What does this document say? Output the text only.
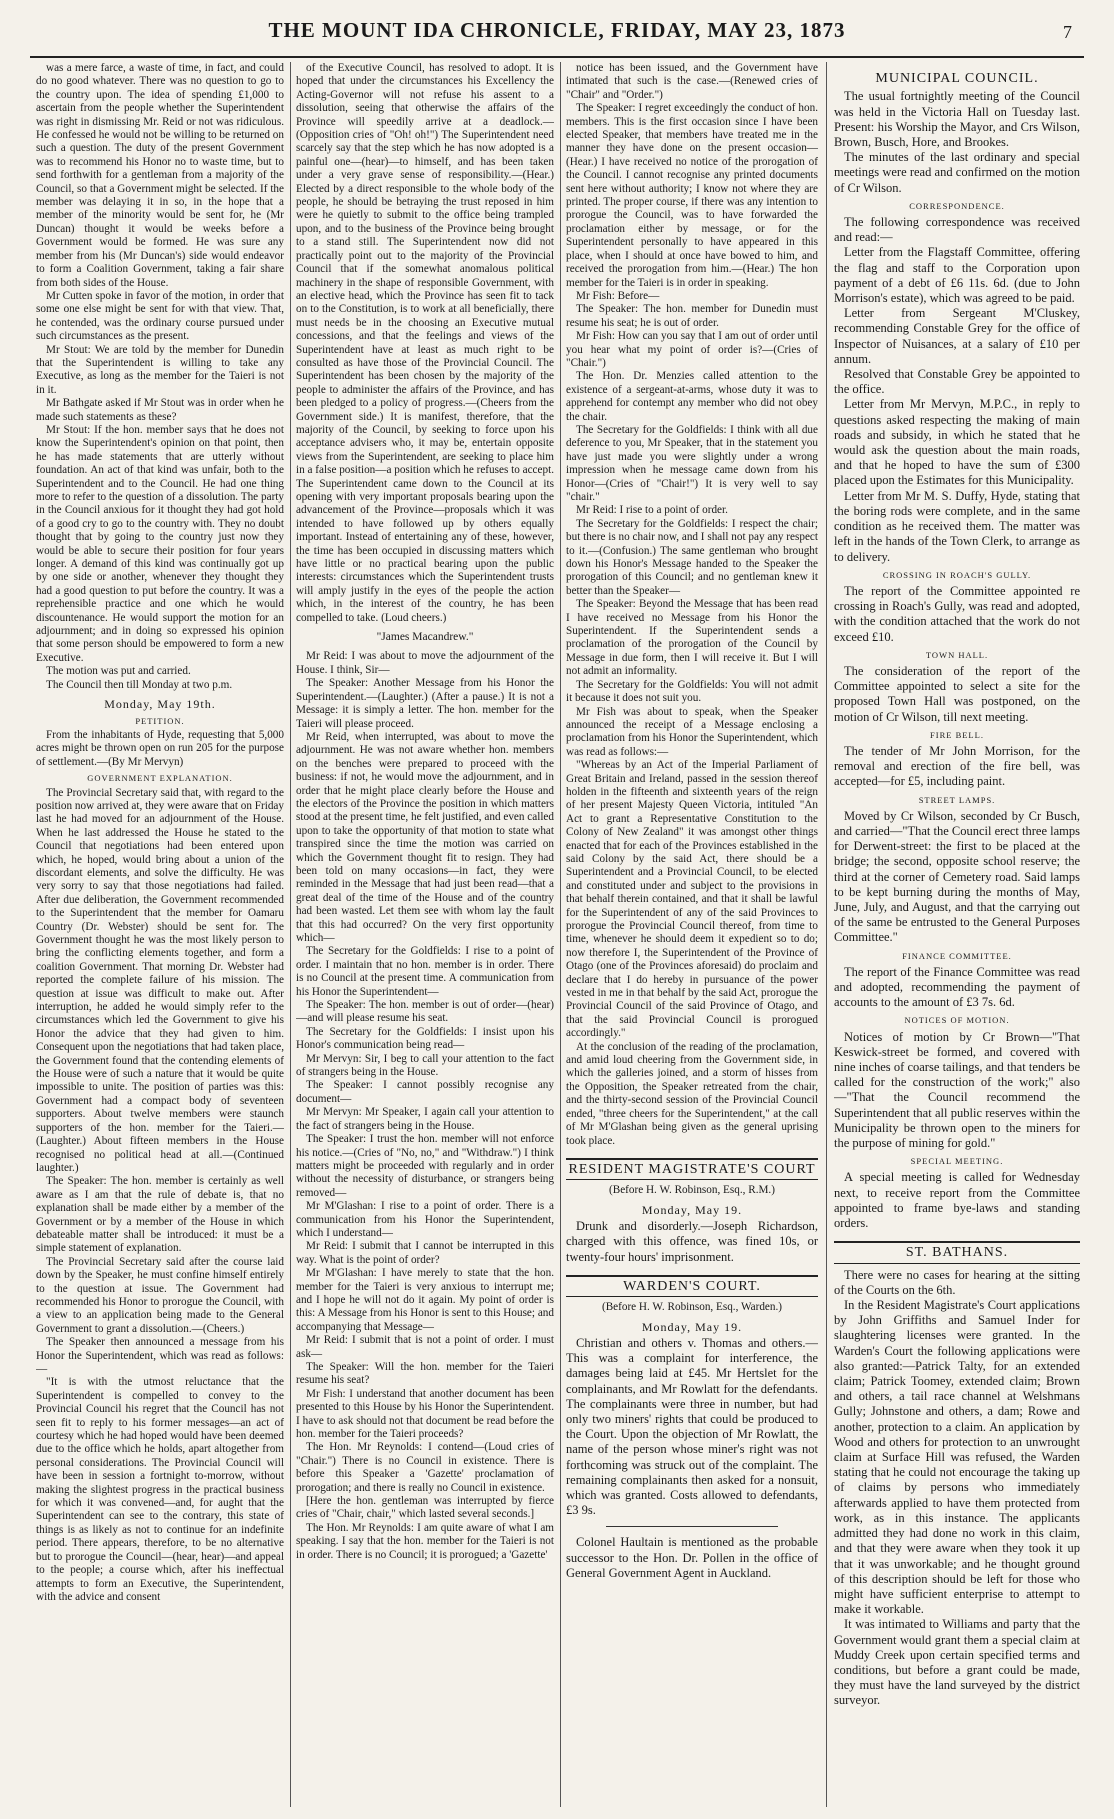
THE MOUNT IDA CHRONICLE, FRIDAY, MAY 23, 1873	7

was a mere farce, a waste of time, in fact, and could do no good whatever. There was no question to go to the country upon. The idea of spending £1,000 to ascertain from the people whether the Superintendent was right in dismissing Mr. Reid or not was ridiculous. He confessed he would not be willing to be returned on such a question. The duty of the present Government was to recommend his Honor no to waste time, but to send forthwith for a gentleman from a majority of the Council, so that a Government might be selected. If the member was delaying it in so, in the hope that a member of the minority would be sent for, he (Mr Duncan) thought it would be weeks before a Government would be formed. He was sure any member from his (Mr Duncan's) side would endeavor to form a Coalition Government, taking a fair share from both sides of the House.

Mr Cutten spoke in favor of the motion, in order that some one else might be sent for with that view. That, he contended, was the ordinary course pursued under such circumstances as the present.

Mr Stout: We are told by the member for Dunedin that the Superintendent is willing to take any Executive, as long as the member for the Taieri is not in it.

Mr Bathgate asked if Mr Stout was in order when he made such statements as these?

Mr Stout: If the hon. member says that he does not know the Superintendent's opinion on that point, then he has made statements that are utterly without foundation. An act of that kind was unfair, both to the Superintendent and to the Council. He had one thing more to refer to the question of a dissolution. The party in the Council anxious for it thought they had got hold of a good cry to go to the country with. They no doubt thought that by going to the country just now they would be able to secure their position for four years longer. A demand of this kind was continually got up by one side or another, whenever they thought they had a good question to put before the country. It was a reprehensible practice and one which he would discountenance. He would support the motion for an adjournment; and in doing so expressed his opinion that some person should be empowered to form a new Executive.

The motion was put and carried.

The Council then till Monday at two p.m.

Monday, May 19th.
PETITION.

From the inhabitants of Hyde, requesting that 5,000 acres might be thrown open on run 205 for the purpose of settlement.—(By Mr Mervyn)

GOVERNMENT EXPLANATION.

The Provincial Secretary said that, with regard to the position now arrived at, they were aware that on Friday last he had moved for an adjournment of the House. When he last addressed the House he stated to the Council that negotiations had been entered upon which, he hoped, would bring about a union of the discordant elements, and solve the difficulty. He was very sorry to say that those negotiations had failed. After due deliberation, the Government recommended to the Superintendent that the member for Oamaru Country (Dr. Webster) should be sent for. The Government thought he was the most likely person to bring the conflicting elements together, and form a coalition Government. That morning Dr. Webster had reported the complete failure of his mission. The question at issue was difficult to make out. After interruption, he added he would simply refer to the circumstances which led the Government to give his Honor the advice that they had given to him. Consequent upon the negotiations that had taken place, the Government found that the contending elements of the House were of such a nature that it would be quite impossible to unite. The position of parties was this: Government had a compact body of seventeen supporters. About twelve members were staunch supporters of the hon. member for the Taieri.—(Laughter.) About fifteen members in the House recognised no political head at all.—(Continued laughter.)

The Speaker: The hon. member is certainly as well aware as I am that the rule of debate is, that no explanation shall be made either by a member of the Government or by a member of the House in which debateable matter shall be introduced: it must be a simple statement of explanation.

The Provincial Secretary said after the course laid down by the Speaker, he must confine himself entirely to the question at issue. The Government had recommended his Honor to prorogue the Council, with a view to an application being made to the General Government to grant a dissolution.—(Cheers.)

The Speaker then announced a message from his Honor the Superintendent, which was read as follows:—

"It is with the utmost reluctance that the Superintendent is compelled to convey to the Provincial Council his regret that the Council has not seen fit to reply to his former messages—an act of courtesy which he had hoped would have been deemed due to the office which he holds, apart altogether from personal considerations. The Provincial Council will have been in session a fortnight to-morrow, without making the slightest progress in the practical business for which it was convened—and, for aught that the Superintendent can see to the contrary, this state of things is as likely as not to continue for an indefinite period. There appears, therefore, to be no alternative but to prorogue the Council—(hear, hear)—and appeal to the people; a course which, after his ineffectual attempts to form an Executive, the Superintendent, with the advice and consent

of the Executive Council, has resolved to adopt. It is hoped that under the circumstances his Excellency the Acting-Governor will not refuse his assent to a dissolution, seeing that otherwise the affairs of the Province will speedily arrive at a deadlock.—(Opposition cries of "Oh! oh!") The Superintendent need scarcely say that the step which he has now adopted is a painful one—(hear)—to himself, and has been taken under a very grave sense of responsibility.—(Hear.) Elected by a direct responsible to the whole body of the people, he should be betraying the trust reposed in him were he quietly to submit to the office being trampled upon, and to the business of the Province being brought to a stand still. The Superintendent now did not practically point out to the majority of the Provincial Council that if the somewhat anomalous political machinery in the shape of responsible Government, with an elective head, which the Province has seen fit to tack on to the Constitution, is to work at all beneficially, there must needs be in the choosing an Executive mutual concessions, and that the feelings and views of the Superintendent have at least as much right to be consulted as have those of the Provincial Council. The Superintendent has been chosen by the majority of the people to administer the affairs of the Province, and has been pledged to a policy of progress.—(Cheers from the Government side.) It is manifest, therefore, that the majority of the Council, by seeking to force upon his acceptance advisers who, it may be, entertain opposite views from the Superintendent, are seeking to place him in a false position—a position which he refuses to accept. The Superintendent came down to the Council at its opening with very important proposals bearing upon the advancement of the Province—proposals which it was intended to have followed up by others equally important. Instead of entertaining any of these, however, the time has been occupied in discussing matters which have little or no practical bearing upon the public interests: circumstances which the Superintendent trusts will amply justify in the eyes of the people the action which, in the interest of the country, he has been compelled to take. (Loud cheers.)

"James Macandrew."

Mr Reid: I was about to move the adjournment of the House. I think, Sir—

The Speaker: Another Message from his Honor the Superintendent.—(Laughter.) (After a pause.) It is not a Message: it is simply a letter. The hon. member for the Taieri will please proceed.

Mr Reid, when interrupted, was about to move the adjournment. He was not aware whether hon. members on the benches were prepared to proceed with the business: if not, he would move the adjournment, and in order that he might place clearly before the House and the electors of the Province the position in which matters stood at the present time, he felt justified, and even called upon to take the opportunity of that motion to state what transpired since the time the motion was carried on which the Government thought fit to resign. They had been told on many occasions—in fact, they were reminded in the Message that had just been read—that a great deal of the time of the House and of the country had been wasted. Let them see with whom lay the fault that this had occurred? On the very first opportunity which—

The Secretary for the Goldfields: I rise to a point of order. I maintain that no hon. member is in order. There is no Council at the present time. A communication from his Honor the Superintendent—

The Speaker: The hon. member is out of order—(hear)—and will please resume his seat.

The Secretary for the Goldfields: I insist upon his Honor's communication being read—

Mr Mervyn: Sir, I beg to call your attention to the fact of strangers being in the House.

The Speaker: I cannot possibly recognise any document—

Mr Mervyn: Mr Speaker, I again call your attention to the fact of strangers being in the House.

The Speaker: I trust the hon. member will not enforce his notice.—(Cries of "No, no," and "Withdraw.") I think matters might be proceeded with regularly and in order without the necessity of disturbance, or strangers being removed—

Mr M'Glashan: I rise to a point of order. There is a communication from his Honor the Superintendent, which I understand—

Mr Reid: I submit that I cannot be interrupted in this way. What is the point of order?

Mr M'Glashan: I have merely to state that the hon. member for the Taieri is very anxious to interrupt me; and I hope he will not do it again. My point of order is this: A Message from his Honor is sent to this House; and accompanying that Message—

Mr Reid: I submit that is not a point of order. I must ask—

The Speaker: Will the hon. member for the Taieri resume his seat?

Mr Fish: I understand that another document has been presented to this House by his Honor the Superintendent. I have to ask should not that document be read before the hon. member for the Taieri proceeds?

The Hon. Mr Reynolds: I contend—(Loud cries of "Chair.") There is no Council in existence. There is before this Speaker a 'Gazette' proclamation of prorogation; and there is really no Council in existence.

[Here the hon. gentleman was interrupted by fierce cries of "Chair, chair," which lasted several seconds.]

The Hon. Mr Reynolds: I am quite aware of what I am speaking. I say that the hon. member for the Taieri is not in order. There is no Council; it is prorogued; a 'Gazette'

notice has been issued, and the Government have intimated that such is the case.—(Renewed cries of "Chair" and "Order.")

The Speaker: I regret exceedingly the conduct of hon. members. This is the first occasion since I have been elected Speaker, that members have treated me in the manner they have done on the present occasion—(Hear.) I have received no notice of the prorogation of the Council. I cannot recognise any printed documents sent here without authority; I know not where they are printed. The proper course, if there was any intention to prorogue the Council, was to have forwarded the proclamation either by message, or for the Superintendent personally to have appeared in this place, when I should at once have bowed to him, and received the prorogation from him.—(Hear.) The hon member for the Taieri is in order in speaking.

Mr Fish: Before—

The Speaker: The hon. member for Dunedin must resume his seat; he is out of order.

Mr Fish: How can you say that I am out of order until you hear what my point of order is?—(Cries of "Chair.")

The Hon. Dr. Menzies called attention to the existence of a sergeant-at-arms, whose duty it was to apprehend for contempt any member who did not obey the chair.

The Secretary for the Goldfields: I think with all due deference to you, Mr Speaker, that in the statement you have just made you were slightly under a wrong impression when he message came down from his Honor—(Cries of "Chair!") It is very well to say "chair."

Mr Reid: I rise to a point of order.

The Secretary for the Goldfields: I respect the chair; but there is no chair now, and I shall not pay any respect to it.—(Confusion.) The same gentleman who brought down his Honor's Message handed to the Speaker the prorogation of this Council; and no gentleman knew it better than the Speaker—

The Speaker: Beyond the Message that has been read I have received no Message from his Honor the Superintendent. If the Superintendent sends a proclamation of the prorogation of the Council by Message in due form, then I will receive it. But I will not admit an informality.

The Secretary for the Goldfields: You will not admit it because it does not suit you.

Mr Fish was about to speak, when the Speaker announced the receipt of a Message enclosing a proclamation from his Honor the Superintendent, which was read as follows:—

"Whereas by an Act of the Imperial Parliament of Great Britain and Ireland, passed in the session thereof holden in the fifteenth and sixteenth years of the reign of her present Majesty Queen Victoria, intituled "An Act to grant a Representative Constitution to the Colony of New Zealand" it was amongst other things enacted that for each of the Provinces established in the said Colony by the said Act, there should be a Superintendent and a Provincial Council, to be elected and constituted under and subject to the provisions in that behalf therein contained, and that it shall be lawful for the Superintendent of any of the said Provinces to prorogue the Provincial Council thereof, from time to time, whenever he should deem it expedient so to do; now therefore I, the Superintendent of the Province of Otago (one of the Provinces aforesaid) do proclaim and declare that I do hereby in pursuance of the power vested in me in that behalf by the said Act, prorogue the Provincial Council of the said Province of Otago, and that the said Provincial Council is prorogued accordingly."

At the conclusion of the reading of the proclamation, and amid loud cheering from the Government side, in which the galleries joined, and a storm of hisses from the Opposition, the Speaker retreated from the chair, and the thirty-second session of the Provincial Council ended, "three cheers for the Superintendent," at the call of Mr M'Glashan being given as the general uprising took place.

RESIDENT MAGISTRATE'S COURT

(Before H. W. Robinson, Esq., R.M.)

Monday, May 19.

Drunk and disorderly.—Joseph Richardson, charged with this offence, was fined 10s, or twenty-four hours' imprisonment.

WARDEN'S COURT.

(Before H. W. Robinson, Esq., Warden.)

Monday, May 19.

Christian and others v. Thomas and others.—This was a complaint for interference, the damages being laid at £45. Mr Hertslet for the complainants, and Mr Rowlatt for the defendants. The complainants were three in number, but had only two miners' rights that could be produced to the Court. Upon the objection of Mr Rowlatt, the name of the person whose miner's right was not forthcoming was struck out of the complaint. The remaining complainants then asked for a nonsuit, which was granted. Costs allowed to defendants, £3 9s.

Colonel Haultain is mentioned as the probable successor to the Hon. Dr. Pollen in the office of General Government Agent in Auckland.

MUNICIPAL COUNCIL.

The usual fortnightly meeting of the Council was held in the Victoria Hall on Tuesday last. Present: his Worship the Mayor, and Crs Wilson, Brown, Busch, Hore, and Brookes.

The minutes of the last ordinary and special meetings were read and confirmed on the motion of Cr Wilson.

CORRESPONDENCE.

The following correspondence was received and read:—

Letter from the Flagstaff Committee, offering the flag and staff to the Corporation upon payment of a debt of £6 11s. 6d. (due to John Morrison's estate), which was agreed to be paid.

Letter from Sergeant M'Cluskey, recommending Constable Grey for the office of Inspector of Nuisances, at a salary of £10 per annum.

Resolved that Constable Grey be appointed to the office.

Letter from Mr Mervyn, M.P.C., in reply to questions asked respecting the making of main roads and subsidy, in which he stated that he would ask the question about the main roads, and that he hoped to have the sum of £300 placed upon the Estimates for this Municipality.

Letter from Mr M. S. Duffy, Hyde, stating that the boring rods were complete, and in the same condition as he received them. The matter was left in the hands of the Town Clerk, to arrange as to delivery.

CROSSING IN ROACH'S GULLY.

The report of the Committee appointed re crossing in Roach's Gully, was read and adopted, with the condition attached that the work do not exceed £10.

TOWN HALL.

The consideration of the report of the Committee appointed to select a site for the proposed Town Hall was postponed, on the motion of Cr Wilson, till next meeting.

FIRE BELL.

The tender of Mr John Morrison, for the removal and erection of the fire bell, was accepted—for £5, including paint.

STREET LAMPS.

Moved by Cr Wilson, seconded by Cr Busch, and carried—"That the Council erect three lamps for Derwent-street: the first to be placed at the bridge; the second, opposite school reserve; the third at the corner of Cemetery road. Said lamps to be kept burning during the months of May, June, July, and August, and that the carrying out of the same be entrusted to the General Purposes Committee."

FINANCE COMMITTEE.

The report of the Finance Committee was read and adopted, recommending the payment of accounts to the amount of £3 7s. 6d.

NOTICES OF MOTION.

Notices of motion by Cr Brown—"That Keswick-street be formed, and covered with nine inches of coarse tailings, and that tenders be called for the construction of the work;" also—"That the Council recommend the Superintendent that all public reserves within the Municipality be thrown open to the miners for the purpose of mining for gold."

SPECIAL MEETING.

A special meeting is called for Wednesday next, to receive report from the Committee appointed to frame bye-laws and standing orders.

ST. BATHANS.

There were no cases for hearing at the sitting of the Courts on the 6th.

In the Resident Magistrate's Court applications by John Griffiths and Samuel Inder for slaughtering licenses were granted. In the Warden's Court the following applications were also granted:—Patrick Talty, for an extended claim; Patrick Toomey, extended claim; Brown and others, a tail race channel at Welshmans Gully; Johnstone and others, a dam; Rowe and another, protection to a claim. An application by Wood and others for protection to an unwrought claim at Surface Hill was refused, the Warden stating that he could not encourage the taking up of claims by persons who immediately afterwards applied to have them protected from work, as in this instance. The applicants admitted they had done no work in this claim, and that they were aware when they took it up that it was unworkable; and he thought ground of this description should be left for those who might have sufficient enterprise to attempt to make it workable.

It was intimated to Williams and party that the Government would grant them a special claim at Muddy Creek upon certain specified terms and conditions, but before a grant could be made, they must have the land surveyed by the district surveyor.
